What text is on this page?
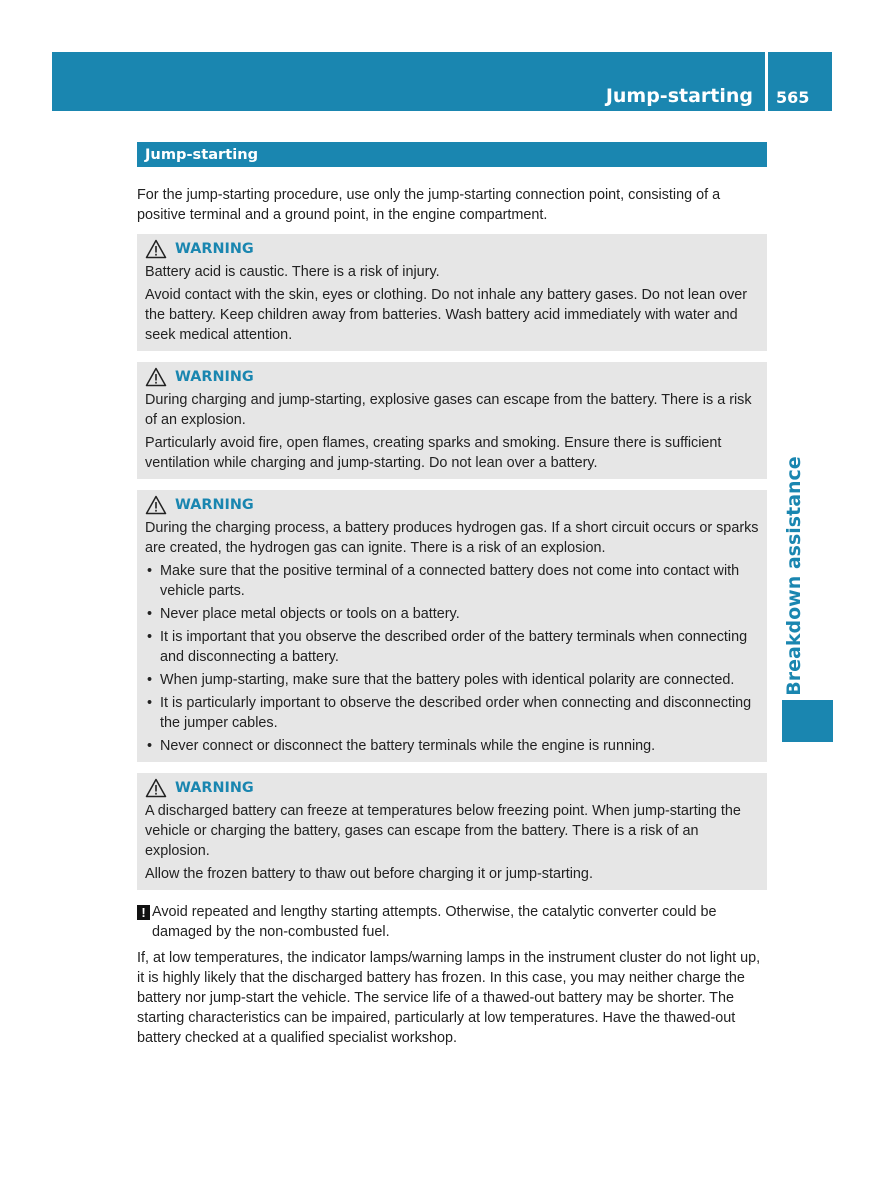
Jump-starting 565
Breakdown assistance
Jump-starting

For the jump-starting procedure, use only the jump-starting connection point, consisting of a positive terminal and a ground point, in the engine compartment.

WARNING

Battery acid is caustic. There is a risk of injury.

Avoid contact with the skin, eyes or clothing. Do not inhale any battery gases. Do not lean over the battery. Keep children away from batteries. Wash battery acid immediately with water and seek medical attention.

WARNING

During charging and jump-starting, explosive gases can escape from the battery. There is a risk of an explosion.

Particularly avoid fire, open flames, creating sparks and smoking. Ensure there is sufficient ventilation while charging and jump-starting. Do not lean over a battery.

WARNING

During the charging process, a battery produces hydrogen gas. If a short circuit occurs or sparks are created, the hydrogen gas can ignite. There is a risk of an explosion.

• Make sure that the positive terminal of a connected battery does not come into contact with vehicle parts.
• Never place metal objects or tools on a battery.
• It is important that you observe the described order of the battery terminals when connecting and disconnecting a battery.
• When jump-starting, make sure that the battery poles with identical polarity are connected.
• It is particularly important to observe the described order when connecting and disconnecting the jumper cables.
• Never connect or disconnect the battery terminals while the engine is running.
WARNING

A discharged battery can freeze at temperatures below freezing point. When jump-starting the vehicle or charging the battery, gases can escape from the battery. There is a risk of an explosion.

Allow the frozen battery to thaw out before charging it or jump-starting.

! Avoid repeated and lengthy starting attempts. Otherwise, the catalytic converter could be damaged by the non-combusted fuel.

If, at low temperatures, the indicator lamps/warning lamps in the instrument cluster do not light up, it is highly likely that the discharged battery has frozen. In this case, you may neither charge the battery nor jump-start the vehicle. The service life of a thawed-out battery may be shorter. The starting characteristics can be impaired, particularly at low temperatures. Have the thawed-out battery checked at a qualified specialist workshop.
